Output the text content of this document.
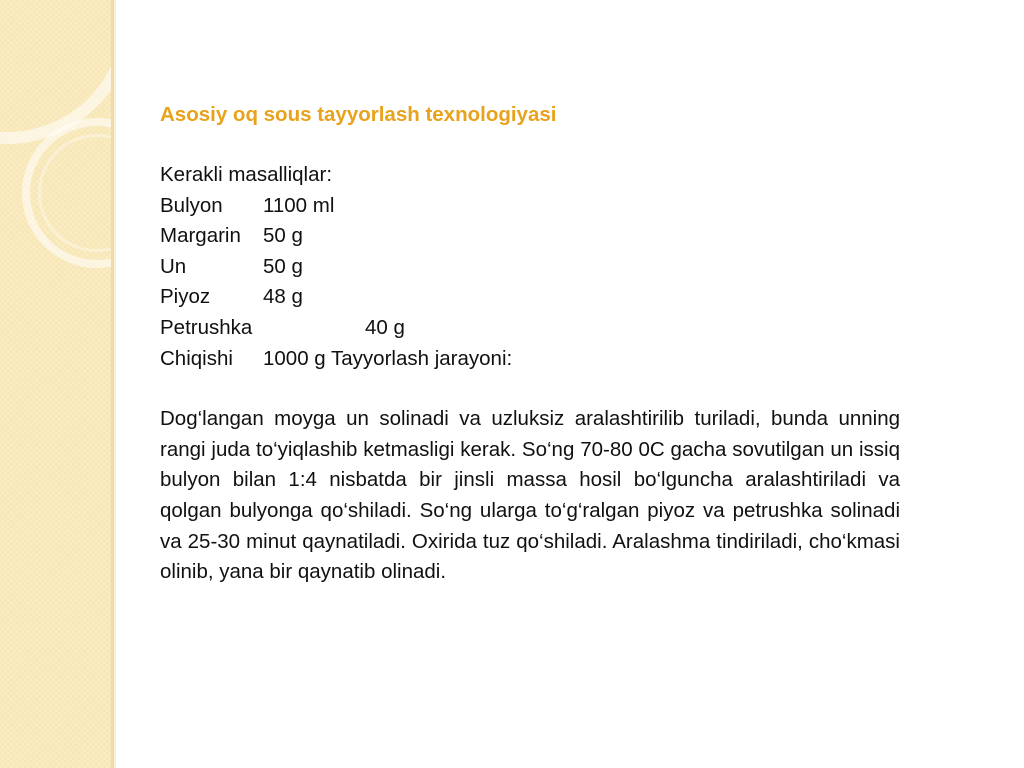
Asosiy oq sous tayyorlash texnologiyasi
Kerakli masalliqlar:
Bulyon	1100 ml
Margarin	50 g
Un	50 g
Piyoz	48 g
Petrushka	40 g
Chiqishi	1000 g Tayyorlash jarayoni:

Dog‘langan moyga un solinadi va uzluksiz aralashtirilib turiladi, bunda unning rangi juda to‘yiqlashib ketmasligi kerak. So‘ng 70-80 0C gacha sovutilgan un issiq bulyon bilan 1:4 nisbatda bir jinsli massa hosil bo‘lguncha aralashtiriladi va qolgan bulyonga qo‘shiladi. So‘ng ularga to‘g‘ralgan piyoz va petrushka solinadi va 25-30 minut qaynatiladi. Oxirida tuz qo‘shiladi. Aralashma tindiriladi, cho‘kmasi olinib, yana bir qaynatib olinadi.
